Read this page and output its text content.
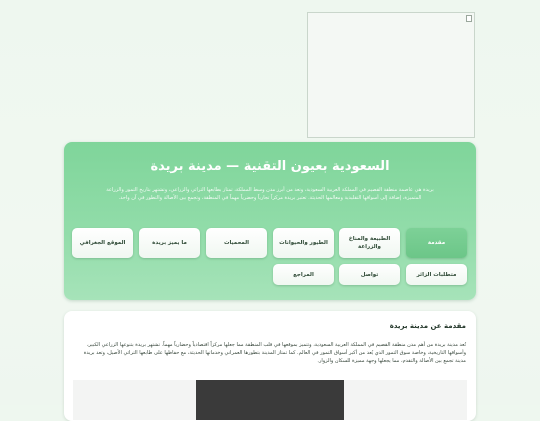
السعودية بعيون التقنية — مدينة بريدة

بريدة هي عاصمة منطقة القصيم في المملكة العربية السعودية، وتعد من أبرز مدن وسط المملكة، تمتاز بطابعها التراثي والزراعي، وتشتهر بتاريخ التمور والزراعة المتميزة، إضافة إلى أسواقها التقليدية ومعالمها الحديثة. تعتبر بريدة مركزاً تجارياً وحضرياً مهماً في المنطقة، وتجمع بين الأصالة والتطور في آن واحد.

مقدمة
الطبيعة والمناخ والزراعة
الطيور والحيوانات
المحميات
ما يميز بريدة
الموقع الجغرافي
متطلبات الزائر
تواصل
المراجع
مقدمة عن مدينة بريدة

تُعد مدينة بريدة من أهم مدن منطقة القصيم في المملكة العربية السعودية، وتتميز بموقعها في قلب المنطقة مما جعلها مركزاً اقتصادياً وحضارياً مهماً. تشتهر بريدة بتنوعها الزراعي الكبير، وأسواقها التاريخية، وخاصة سوق التمور الذي يُعد من أكبر أسواق التمور في العالم. كما تمتاز المدينة بتطورها العمراني وخدماتها الحديثة، مع حفاظها على طابعها التراثي الأصيل، وتعد بريدة مدينة تجمع بين الأصالة والتقدم، مما يجعلها وجهة مميزة للسكان والزوار.
